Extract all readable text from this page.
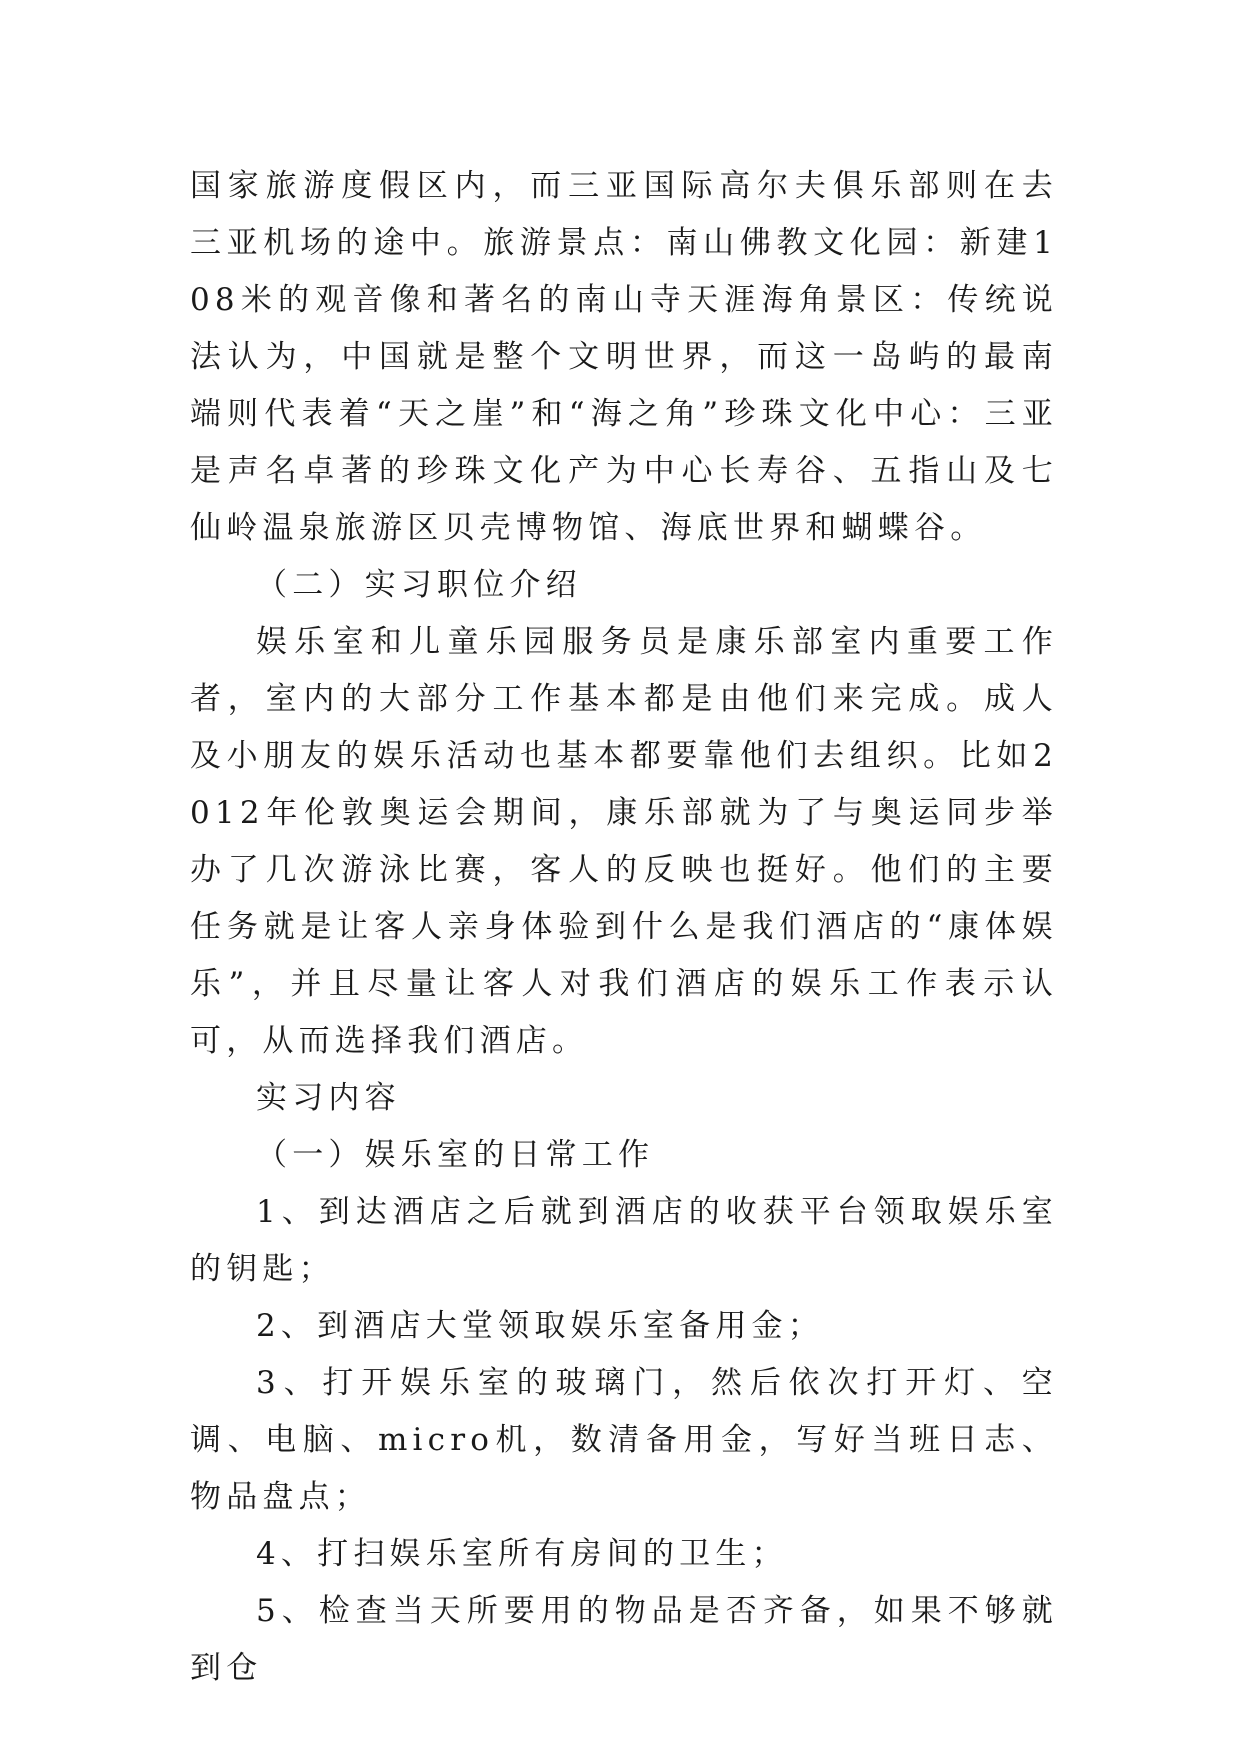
国家旅游度假区内，而三亚国际高尔夫俱乐部则在去三亚机场的途中。旅游景点：南山佛教文化园：新建108米的观音像和著名的南山寺天涯海角景区：传统说法认为，中国就是整个文明世界，而这一岛屿的最南端则代表着“天之崖”和“海之角”珍珠文化中心：三亚是声名卓著的珍珠文化产为中心长寿谷、五指山及七仙岭温泉旅游区贝壳博物馆、海底世界和蝴蝶谷。

（二）实习职位介绍

娱乐室和儿童乐园服务员是康乐部室内重要工作者，室内的大部分工作基本都是由他们来完成。成人及小朋友的娱乐活动也基本都要靠他们去组织。比如2012年伦敦奥运会期间，康乐部就为了与奥运同步举办了几次游泳比赛，客人的反映也挺好。他们的主要任务就是让客人亲身体验到什么是我们酒店的“康体娱乐”，并且尽量让客人对我们酒店的娱乐工作表示认可，从而选择我们酒店。

实习内容

（一）娱乐室的日常工作

1、到达酒店之后就到酒店的收获平台领取娱乐室的钥匙；

2、到酒店大堂领取娱乐室备用金；

3、打开娱乐室的玻璃门，然后依次打开灯、空调、电脑、micro机，数清备用金，写好当班日志、物品盘点；

4、打扫娱乐室所有房间的卫生；

5、检查当天所要用的物品是否齐备，如果不够就到仓
